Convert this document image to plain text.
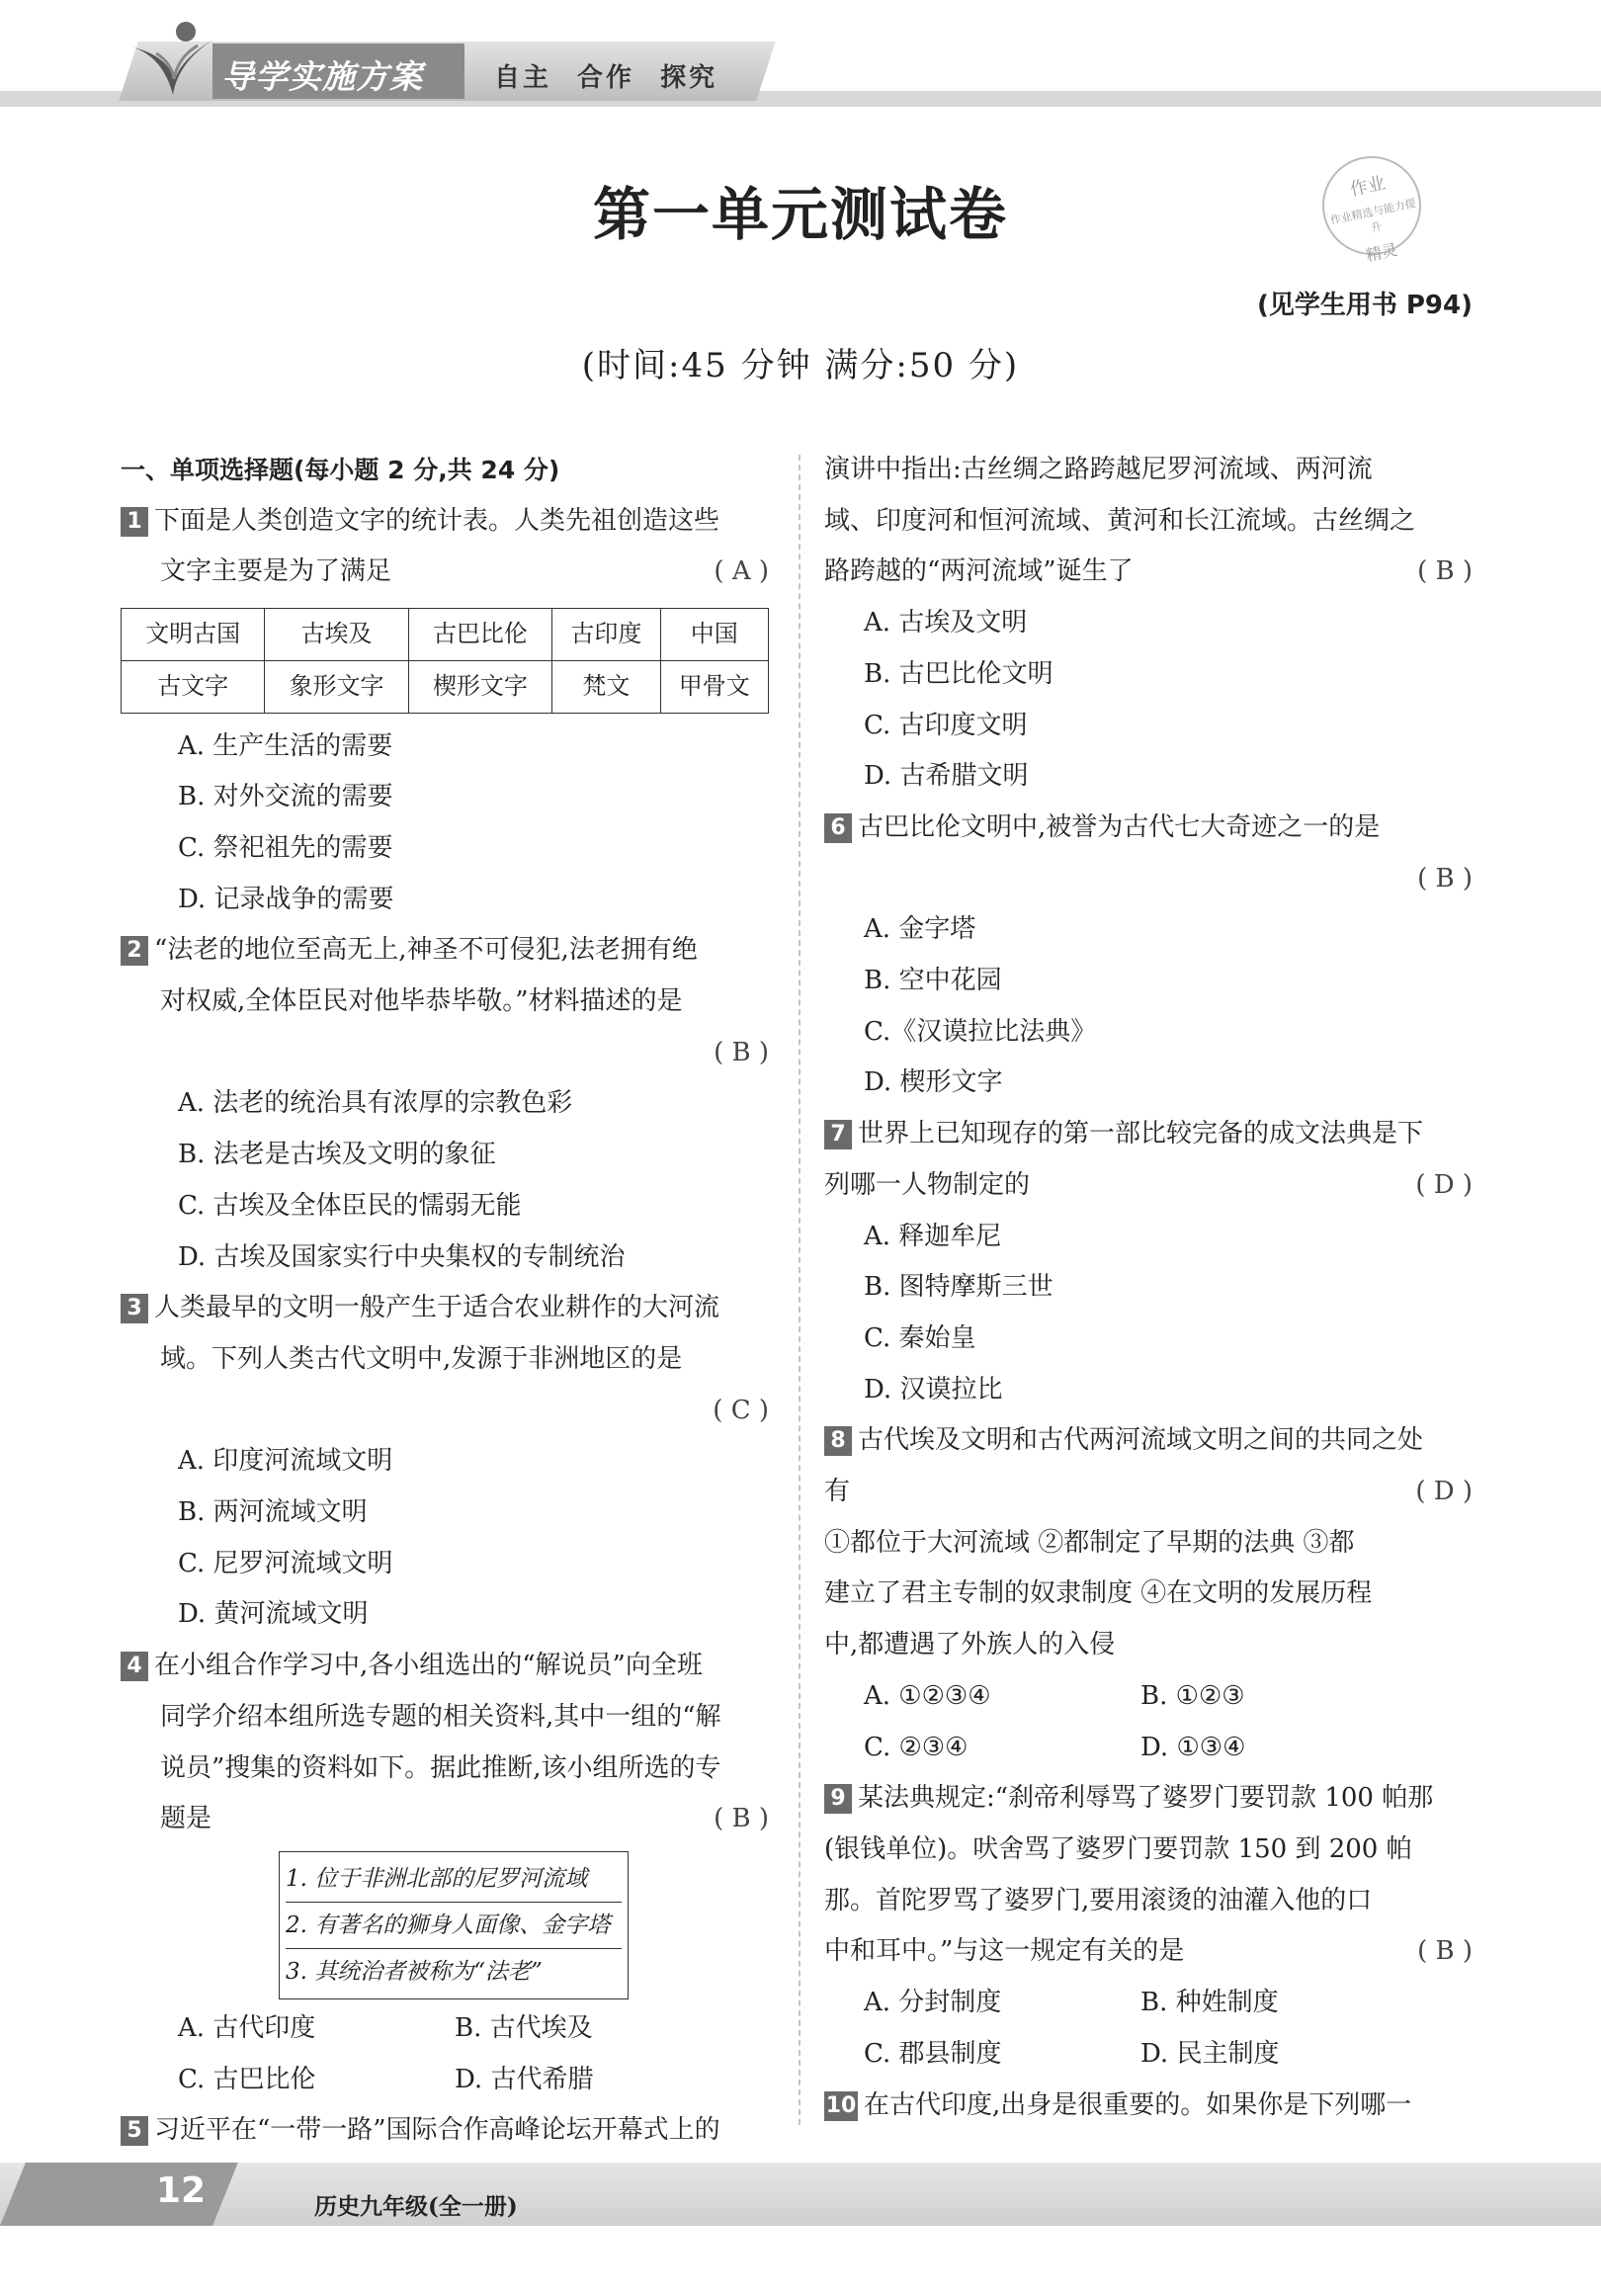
导学实施方案	自主 合作 探究
第一单元测试卷	作业
作业精选与能力提升
精灵
(见学生用书 P94)
(时间:45 分钟 满分:50 分)
一、单项选择题(每小题 2 分,共 24 分)
1 下面是人类创造文字的统计表。人类先祖创造这些
文字主要是为了满足	( A )
文明古国	古埃及	古巴比伦	古印度	中国
古文字	象形文字	楔形文字	梵文	甲骨文
A. 生产生活的需要
B. 对外交流的需要
C. 祭祀祖先的需要
D. 记录战争的需要
2 “法老的地位至高无上,神圣不可侵犯,法老拥有绝
对权威,全体臣民对他毕恭毕敬。”材料描述的是
( B )

A. 法老的统治具有浓厚的宗教色彩
B. 法老是古埃及文明的象征
C. 古埃及全体臣民的懦弱无能
D. 古埃及国家实行中央集权的专制统治
3 人类最早的文明一般产生于适合农业耕作的大河流
域。下列人类古代文明中,发源于非洲地区的是
( C )

A. 印度河流域文明
B. 两河流域文明
C. 尼罗河流域文明
D. 黄河流域文明
4 在小组合作学习中,各小组选出的“解说员”向全班
同学介绍本组所选专题的相关资料,其中一组的“解
说员”搜集的资料如下。据此推断,该小组所选的专
题是	( B )
1. 位于非洲北部的尼罗河流域
2. 有著名的狮身人面像、金字塔
3. 其统治者被称为“法老”
A. 古代印度	B. 古代埃及
C. 古巴比伦	D. 古代希腊
5 习近平在“一带一路”国际合作高峰论坛开幕式上的
演讲中指出:古丝绸之路跨越尼罗河流域、两河流
域、印度河和恒河流域、黄河和长江流域。古丝绸之
路跨越的“两河流域”诞生了	( B )
A. 古埃及文明
B. 古巴比伦文明
C. 古印度文明
D. 古希腊文明
6 古巴比伦文明中,被誉为古代七大奇迹之一的是
( B )

A. 金字塔
B. 空中花园
C.《汉谟拉比法典》
D. 楔形文字
7 世界上已知现存的第一部比较完备的成文法典是下
列哪一人物制定的	( D )
A. 释迦牟尼
B. 图特摩斯三世
C. 秦始皇
D. 汉谟拉比
8 古代埃及文明和古代两河流域文明之间的共同之处
有	( D )
①都位于大河流域 ②都制定了早期的法典 ③都
建立了君主专制的奴隶制度 ④在文明的发展历程
中,都遭遇了外族人的入侵
A. ①②③④	B. ①②③
C. ②③④	D. ①③④
9 某法典规定:“刹帝利辱骂了婆罗门要罚款 100 帕那
(银钱单位)。吠舍骂了婆罗门要罚款 150 到 200 帕
那。首陀罗骂了婆罗门,要用滚烫的油灌入他的口
中和耳中。”与这一规定有关的是	( B )
A. 分封制度	B. 种姓制度
C. 郡县制度	D. 民主制度
10 在古代印度,出身是很重要的。如果你是下列哪一
12	历史九年级(全一册)
